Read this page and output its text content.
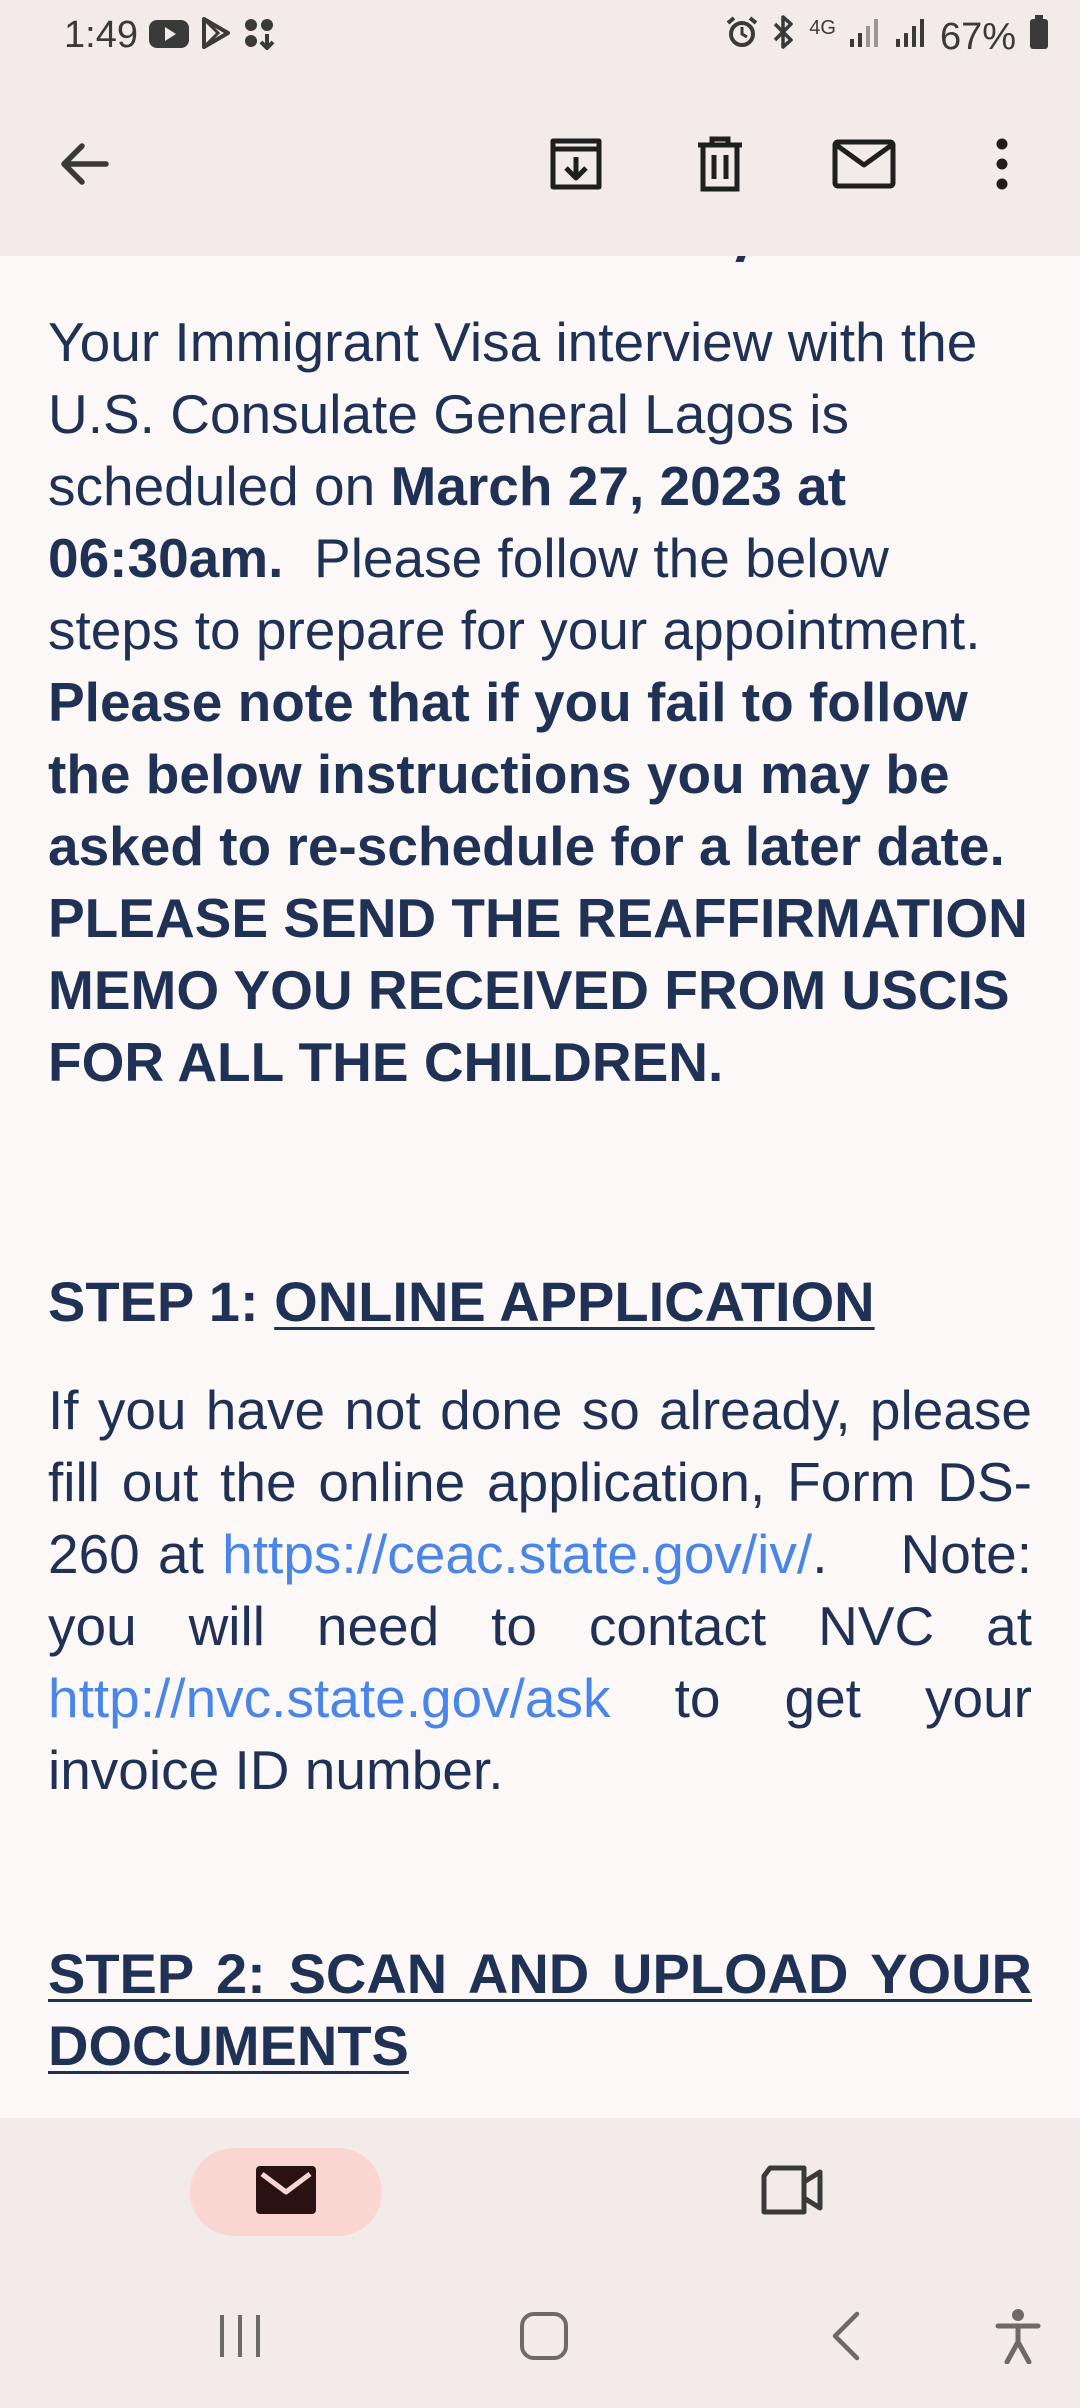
1:49	4G	67%
Your Immigrant Visa interview with the U.S. Consulate General Lagos is scheduled on March 27, 2023 at 06:30am.  Please follow the below steps to prepare for your appointment.  Please note that if you fail to follow the below instructions you may be asked to re-schedule for a later date. PLEASE SEND THE REAFFIRMATION MEMO YOU RECEIVED FROM USCIS FOR ALL THE CHILDREN.
STEP 1: ONLINE APPLICATION
If you have not done so already, please fill out the online application, Form DS-260 at https://ceac.state.gov/iv/.    Note: you will need to contact NVC at http://nvc.state.gov/ask to get your invoice ID number.
STEP 2: SCAN AND UPLOAD YOUR DOCUMENTS
